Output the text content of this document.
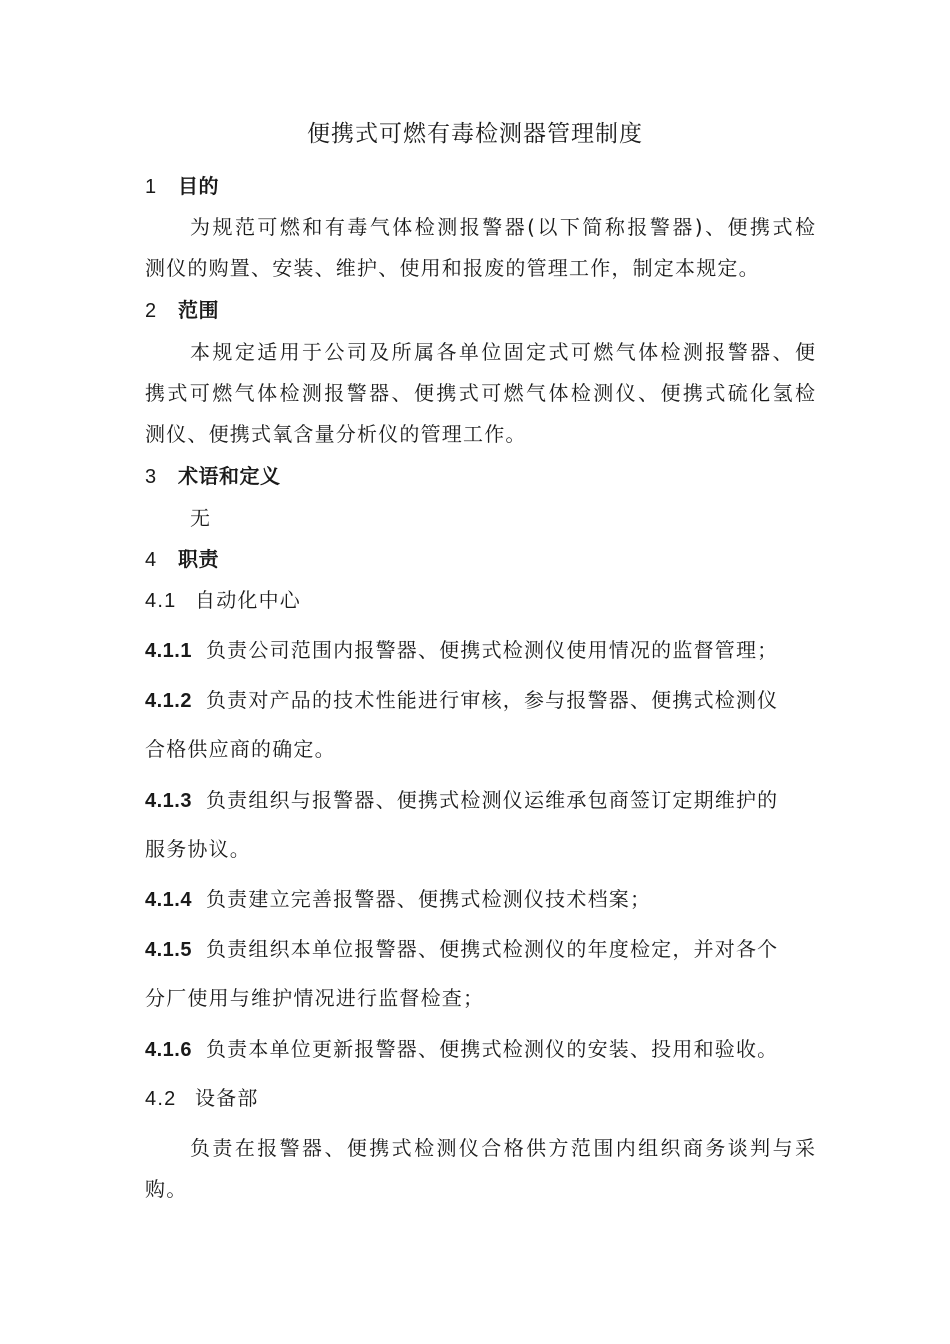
便携式可燃有毒检测器管理制度
1 目的
为规范可燃和有毒气体检测报警器(以下简称报警器)、便携式检
测仪的购置、安装、维护、使用和报废的管理工作，制定本规定。
2 范围
本规定适用于公司及所属各单位固定式可燃气体检测报警器、便
携式可燃气体检测报警器、便携式可燃气体检测仪、便携式硫化氢检
测仪、便携式氧含量分析仪的管理工作。
3 术语和定义
无
4 职责
4.1 自动化中心
4.1.1 负责公司范围内报警器、便携式检测仪使用情况的监督管理；
4.1.2 负责对产品的技术性能进行审核，参与报警器、便携式检测仪
合格供应商的确定。
4.1.3 负责组织与报警器、便携式检测仪运维承包商签订定期维护的
服务协议。
4.1.4 负责建立完善报警器、便携式检测仪技术档案；
4.1.5 负责组织本单位报警器、便携式检测仪的年度检定，并对各个
分厂使用与维护情况进行监督检查；
4.1.6 负责本单位更新报警器、便携式检测仪的安装、投用和验收。
4.2 设备部
负责在报警器、便携式检测仪合格供方范围内组织商务谈判与采
购。
